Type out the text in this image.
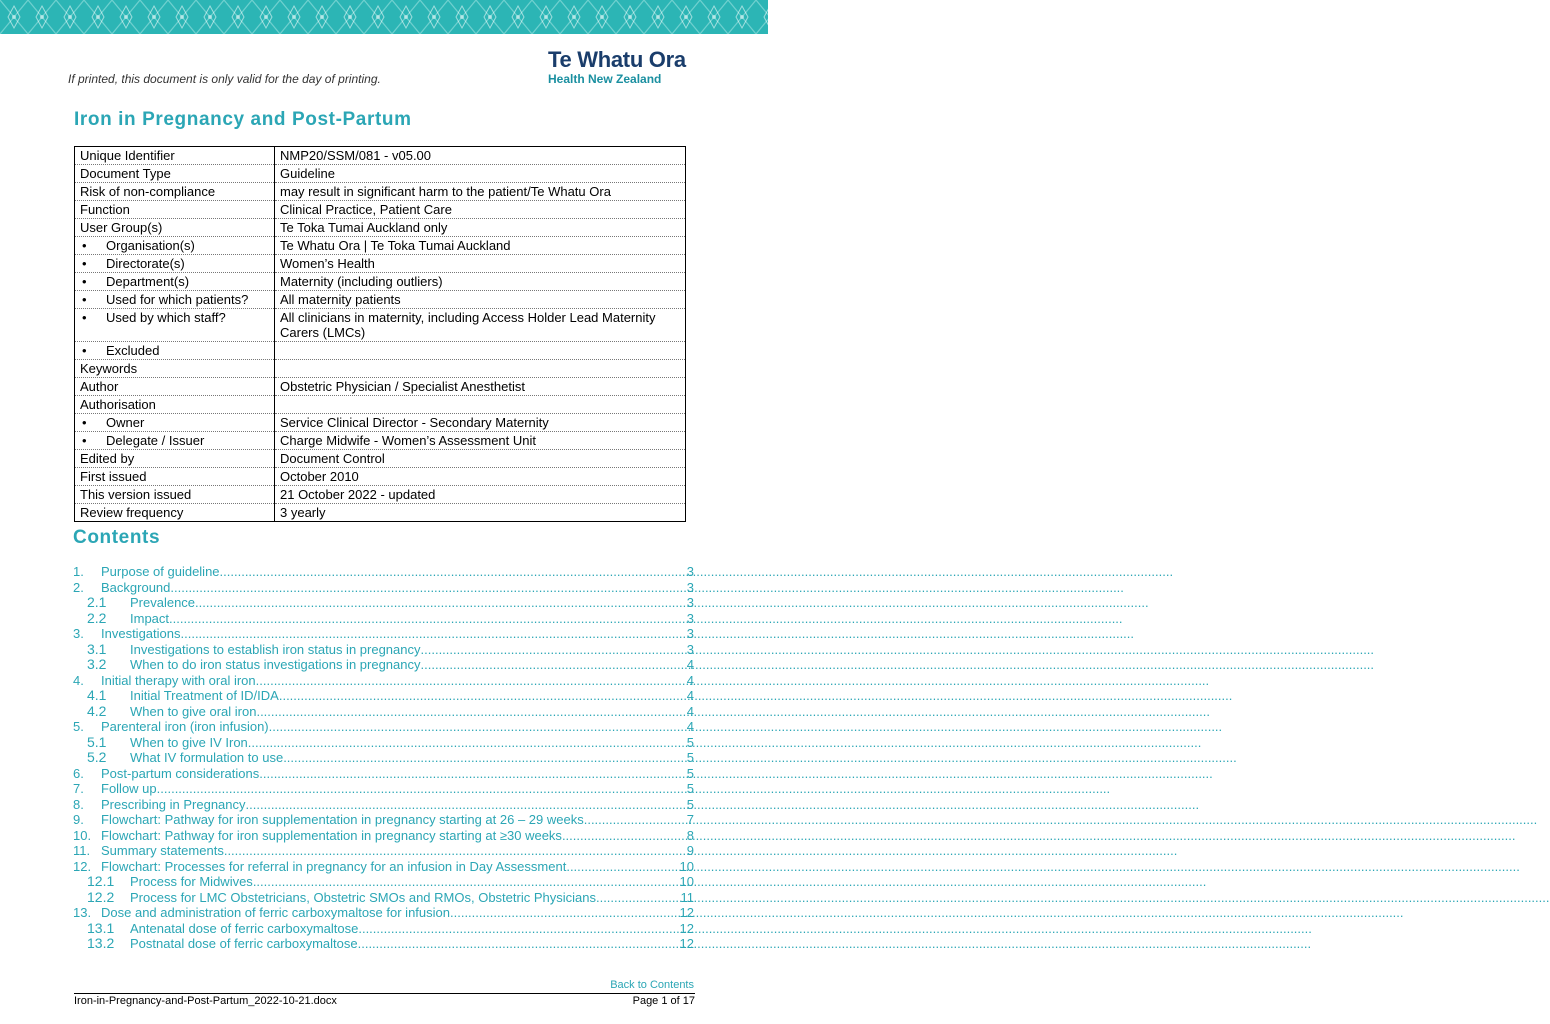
If printed, this document is only valid for the day of printing.
Te Whatu Ora
Health New Zealand
Iron in Pregnancy and Post-Partum
Unique Identifier	NMP20/SSM/081 - v05.00
Document Type	Guideline
Risk of non-compliance	may result in significant harm to the patient/Te Whatu Ora
Function	Clinical Practice, Patient Care
User Group(s)	Te Toka Tumai Auckland only
• Organisation(s)	Te Whatu Ora | Te Toka Tumai Auckland
• Directorate(s)	Women’s Health
• Department(s)	Maternity (including outliers)
• Used for which patients?	All maternity patients
• Used by which staff?	All clinicians in maternity, including Access Holder Lead Maternity Carers (LMCs)
• Excluded	
Keywords	
Author	Obstetric Physician / Specialist Anesthetist
Authorisation	
• Owner	Service Clinical Director - Secondary Maternity
• Delegate / Issuer	Charge Midwife - Women’s Assessment Unit
Edited by	Document Control
First issued	October 2010
This version issued	21 October 2022 - updated
Review frequency	3 yearly
Contents
1.	Purpose of guideline .....	3
2.	Background .....	3
2.1	Prevalence .....	3
2.2	Impact .....	3
3.	Investigations .....	3
3.1	Investigations to establish iron status in pregnancy .....	3
3.2	When to do iron status investigations in pregnancy .....	4
4.	Initial therapy with oral iron .....	4
4.1	Initial Treatment of ID/IDA .....	4
4.2	When to give oral iron .....	4
5.	Parenteral iron (iron infusion) .....	4
5.1	When to give IV Iron .....	5
5.2	What IV formulation to use .....	5
6.	Post-partum considerations .....	5
7.	Follow up .....	5
8.	Prescribing in Pregnancy .....	5
9.	Flowchart: Pathway for iron supplementation in pregnancy starting at 26 – 29 weeks .....	7
10. Flowchart: Pathway for iron supplementation in pregnancy starting at ≥30 weeks .....	8
11. Summary statements .....	9
12. Flowchart: Processes for referral in pregnancy for an infusion in Day Assessment .....	10
12.1	Process for Midwives .....	10
12.2	Process for LMC Obstetricians, Obstetric SMOs and RMOs, Obstetric Physicians .....	11
13. Dose and administration of ferric carboxymaltose for infusion .....	12
13.1	Antenatal dose of ferric carboxymaltose .....	12
13.2	Postnatal dose of ferric carboxymaltose .....	12
Back to Contents
Iron-in-Pregnancy-and-Post-Partum_2022-10-21.docx	Page 1 of 17
